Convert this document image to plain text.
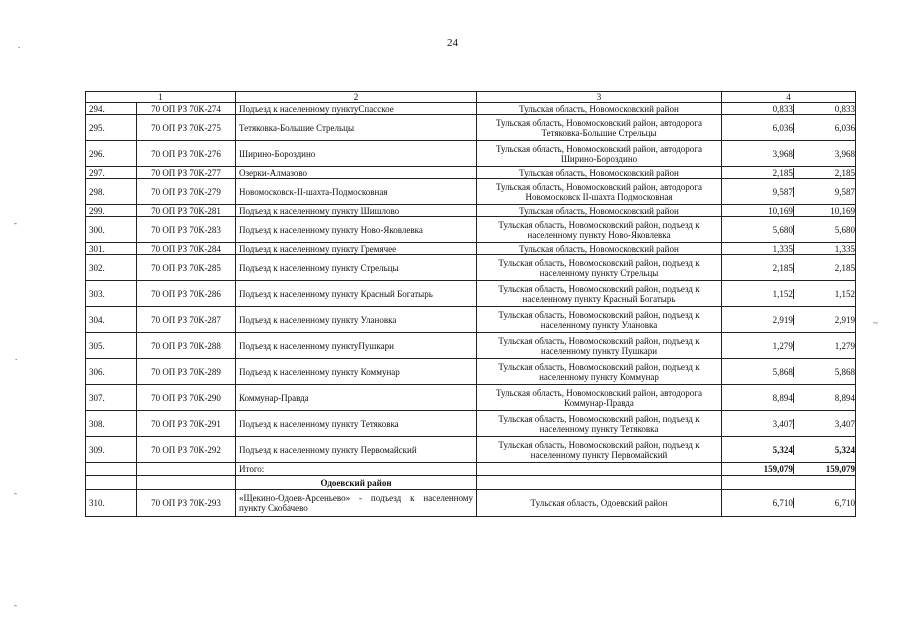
24
.
-
.
-
-
~
1		2	3	4
294.	70 ОП РЗ 70К-274	Подъезд к населенному пунктуСпасское	Тульская область, Новомосковский район	0,833 0,833

295.	70 ОП РЗ 70К-275	Тетяковка-Большие Стрельцы	Тульская область, Новомосковский район, автодорога Тетяковка-Большие Стрельцы	6,036 6,036

296.	70 ОП РЗ 70К-276	Ширино-Бороздино	Тульская область, Новомосковский район, автодорога Ширино-Бороздино	3,968 3,968

297.	70 ОП РЗ 70К-277	Озерки-Алмазово	Тульская область, Новомосковский район	2,185 2,185

298.	70 ОП РЗ 70К-279	Новомосковск-II-шахта-Подмосковная	Тульская область, Новомосковский район, автодорога Новомосковск II-шахта Подмосковная	9,587 9,587

299.	70 ОП РЗ 70К-281	Подъезд к населенному пункту Шишлово	Тульская область, Новомосковский район	10,169 10,169

300.	70 ОП РЗ 70К-283	Подъезд к населенному пункту Ново-Яковлевка	Тульская область, Новомосковский район, подъезд к населенному пункту Ново-Яковлевка	5,680 5,680

301.	70 ОП РЗ 70К-284	Подъезд к населенному пункту Гремячее	Тульская область, Новомосковский район	1,335 1,335

302.	70 ОП РЗ 70К-285	Подъезд к населенному пункту Стрельцы	Тульская область, Новомосковский район, подъезд к населенному пункту Стрельцы	2,185 2,185

303.	70 ОП РЗ 70К-286	Подъезд к населенному пункту Красный Богатырь	Тульская область, Новомосковский район, подъезд к населенному пункту Красный Богатырь	1,152 1,152

304.	70 ОП РЗ 70К-287	Подъезд к населенному пункту Улановка	Тульская область, Новомосковский район, подъезд к населенному пункту Улановка	2,919 2,919

305.	70 ОП РЗ 70К-288	Подъезд к населенному пунктуПушкари	Тульская область, Новомосковский район, подъезд к населенному пункту Пушкари	1,279 1,279

306.	70 ОП РЗ 70К-289	Подъезд к населенному пункту Коммунар	Тульская область, Новомосковский район, подъезд к населенному пункту Коммунар	5,868 5,868

307.	70 ОП РЗ 70К-290	Коммунар-Правда	Тульская область, Новомосковский район, автодорога Коммунар-Правда	8,894 8,894

308.	70 ОП РЗ 70К-291	Подъезд к населенному пункту Тетяковка	Тульская область, Новомосковский район, подъезд к населенному пункту Тетяковка	3,407 3,407

309.	70 ОП РЗ 70К-292	Подъезд к населенному пункту Первомайский	Тульская область, Новомосковский район, подъезд к населенному пункту Первомайский	5,324 5,324

		Итого:		159,079 159,079

		Одоевский район		
310.	70 ОП РЗ 70К-293	«Щекино-Одоев-Арсеньево» - подъезд к населенному пункту Скобачево	Тульская область, Одоевский район	6,710 6,710
